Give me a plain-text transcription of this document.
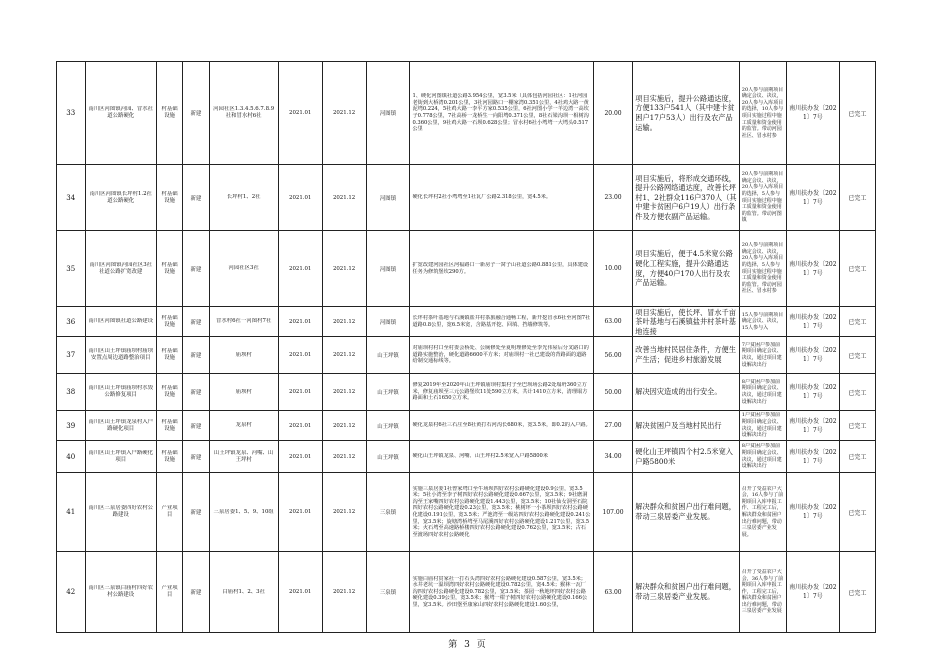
33	南川区河图镇河园、冒水社道公路硬化	村基础设施	新建	河园社区1.3.4.5.6.7.8.9社和冒水村6社	2021.01	2021.12	河图镇	1、硬化河图镇社道公路3.954公里，宽3.5米（具体包括河园社区：1社河园老街到大桥湾0.201公里，3社河园路口一棚家湾0.351公里，4社鸡大路一黄泥塆0.224，5社鸡大路一李平方家0.535公里，6社河图小学一羊边湾一高坎子0.778公里，7社高桥一龙桥生一向阳塆0.371公里，8社石梁沟坝一相树沟0.360公里，9社鸡大路一石坝0.628公里；冒水村6社小塆塆一大塆头0.517公里	20.00	项目实施后，提升公路通达度，方便133户541人（其中建卡贫困户17户53人）出行及农产品运输。	20人参与前期项目确定会议、决议，20人参与入库项目的选择，10人参与项目实施过程中施工质量和资金使用的监管。带动河园社区、冒水村参	南川扶办发〔2021〕7号	已完工

34	南川区河图镇长坪村1.2社道公路硬化	村基础设施	新建	长坪村1、2社	2021.01	2021.12	河图镇	硬化长坪村2社小塆塆至1社瓦厂公路2.318公里，宽4.5米。	23.00	项目实施后，将形成交通环线，提升公路网络通达度，改善长坪村1、2社群众116户370人（其中建卡贫困户6户19人）出行条件及方便农副产品运输。	20人参与前期项目确定会议、决议，20人参与入库项目的选择，5人参与项目实施过程中施工质量和资金使用的监管。带动河图镇	南川扶办发〔2021〕7号	已完工

35	南川区河图镇河园社区3社社道公路扩宽改建	村基础设施	新建	河园社区3社	2021.01	2021.12	河图镇	扩宽改建河园社区河福路口一新房子一窝子山社道公路0.881公里，具体建设任务为修筑堡坎290方。	10.00	项目实施后，便于4.5米宽公路硬化工程实施，提升公路通达度，方便40户170人出行及农产品运输。	20人参与前期项目确定会议、决议，20人参与入库项目的选择，5人参与项目实施过程中施工质量和资金使用的监管。带动河园社区、冒水村参	南川扶办发〔2021〕7号	已完工

36	南川区河图镇社道公路建设	村基础设施	新建	冒水村6社一河图村7社	2021.01	2021.12	河图镇	长坪村茶叶基地与石溪镇盐井村茶旅融合通畅工程，新开挖冒水6社至河图7社道路0.8公里，宽6.5米宽，含路基开挖、回填、挡墙修筑等。	63.00	项目实施后，使长坪、冒水千亩茶叶基地与石溪镇盐井村茶叶基地连接	15人参与前期项目确定会议、决议，15人参与入	南川扶办发〔2021〕7号	已完工

37	南川区山王坪镇庙坝村庙坝安置点周边道路整治项目	村基础设施	新建	庙坝村	2021.01	2021.12	山王坪镇	对庙坝村村口至村委会桥处、公厕修处至夏明理修处至李光伟屋后分叉路口的道路实施整治，硬化道路6600平方米；对庙坝村一社已建设的背路面的道路给制交通标线等。	56.00	改善当地村民居住条件，方便生产生活；促进乡村旅游发展	7户贫困户参加前期项目确定会议、决议，通过项目建设解决出行	南川扶办发〔2021〕7号	已完工

38	南川区山王坪镇庙坝村水毁公路修复项目	村基础设施	新建	庙坝村	2021.01	2021.12	山王坪镇	修复2019年至2020年山王坪镇庙坝村集村子至巴坝场公路2处塌坍360立方米，修复庙坝至三元公路堡坎11处590立方米，共计1410立方米，清理塌方路面和土石1650立方米。	50.00	解决因灾造成的出行安全。	8户贫困户参加前期项目确定会议、决议，通过项目建设解决出行	南川扶办发〔2021〕7号	已完工

39	南川区山王坪镇龙泉村入户路硬化项目	村基础设施	新建	龙泉村	2021.01	2021.12	山王坪镇	硬化龙泉村6社三石庄至8社黄打石河沟长680米，宽3.5米，即0.2的入户路。	27.00	解决贫困户及当地村民出行	1户贫困户参加前期项目确定会议、决议，通过项目建设解决出行	南川扶办发〔2021〕7号	已完工

40	南川区山王坪镇入户路硬化项目	村基础设施	新建	山王坪镇龙泉、河嘴、山王坪村	2021.01	2021.12	山王坪镇	硬化山王坪镇龙泉、河嘴、山王坪村2.5米宽入户路5800米	34.00	硬化山王坪镇四个村2.5米宽入户路5800米	8户贫困户参加前期项目确定会议、决议，通过项目建设解决出行	南川扶办发〔2021〕7号	已完工

41	南川区三泉居委四好农村公路建设	产业项目	新建	三泉居委1、5、9、10组	2021.01	2021.12	三泉镇	实施三泉居委1社曾家塆口至牛场坝四好农村公路硬化建设0.9公里，宽3.5米；5社小湾至李子树四好农村公路硬化建设0.667公里，宽3.5米；9社磨洞沟至王家嘴四好农村公路硬化建设1.443公里，宽3.5米；10社仙女洞至石院四好农村公路硬化建设0.23公里，宽3.5米；桃树坪一小茶坝四好农村公路硬化建设0.191公里，宽3.5米；严池湾至一级站四好农村公路硬化建设0.241公里，宽3.5米；旋塘湾桥塆至马尾溪四好农村公路硬化建设1.217公里，宽3.5米；火石塆至高速路桥楼四好农村公路硬化建设0.762公里，宽3.5米；古石至渡场四好农村公路硬化	107.00	解决群众和贫困户出行难问题，带动三泉居委产业发展。	召开了受益农户大会，16人参与了前期项目入库申报工作、工程完工后，解决群众和贫困户出行难问题，带动三泉居委产业发展。	南川扶办发〔2021〕7号	已完工

42	南川区三泉镇白庙村四好农村公路建设	产业项目	新建	白庙村1、2、3社	2021.01	2021.12	三泉镇	实施白庙村贯家社一打石头湾四好农村公路硬化建设0.587公里，宽3.5米；水井老坑一温坝湾四好农村公路硬化建设0.782公里，宽4.5米；猴林一瓦厂沟四好农村公路硬化建设0.782公里，宽3.5米；茶园一秋地坪四好农村公路硬化建设0.39公里，宽3.5米；猴塆一柑子树四好农村公路硬化建设0.166公里，宽3.5米。沙田堡至康家山四好农村公路硬化建设1.60公里，	63.00	解决群众和贫困户出行难问题，带动三泉居委产业发展。	召开了受益农户大会，36人参与了前期项目入库申报工作，工程完工后，解决群众和贫困户出行难问题，带动三泉居委产业发展	南川扶办发〔2021〕7号	已完工
第 3 页
